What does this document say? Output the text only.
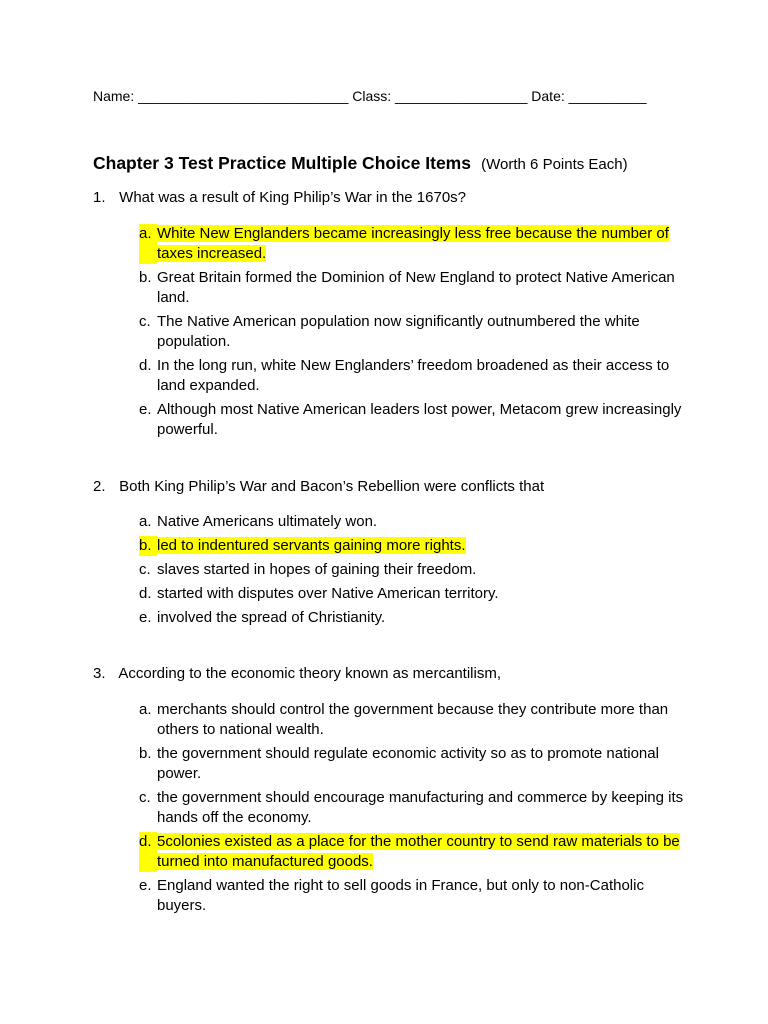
Name: ___________________________ Class: _________________ Date: __________
Chapter 3 Test Practice Multiple Choice Items (Worth 6 Points Each)
1. What was a result of King Philip’s War in the 1670s?
a. White New Englanders became increasingly less free because the number of taxes increased.
b. Great Britain formed the Dominion of New England to protect Native American land.
c. The Native American population now significantly outnumbered the white population.
d. In the long run, white New Englanders’ freedom broadened as their access to land expanded.
e. Although most Native American leaders lost power, Metacom grew increasingly powerful.
2. Both King Philip’s War and Bacon’s Rebellion were conflicts that
a. Native Americans ultimately won.
b. led to indentured servants gaining more rights.
c. slaves started in hopes of gaining their freedom.
d. started with disputes over Native American territory.
e. involved the spread of Christianity.
3. According to the economic theory known as mercantilism,
a. merchants should control the government because they contribute more than others to national wealth.
b. the government should regulate economic activity so as to promote national power.
c. the government should encourage manufacturing and commerce by keeping its hands off the economy.
d. 5colonies existed as a place for the mother country to send raw materials to be turned into manufactured goods.
e. England wanted the right to sell goods in France, but only to non-Catholic buyers.
